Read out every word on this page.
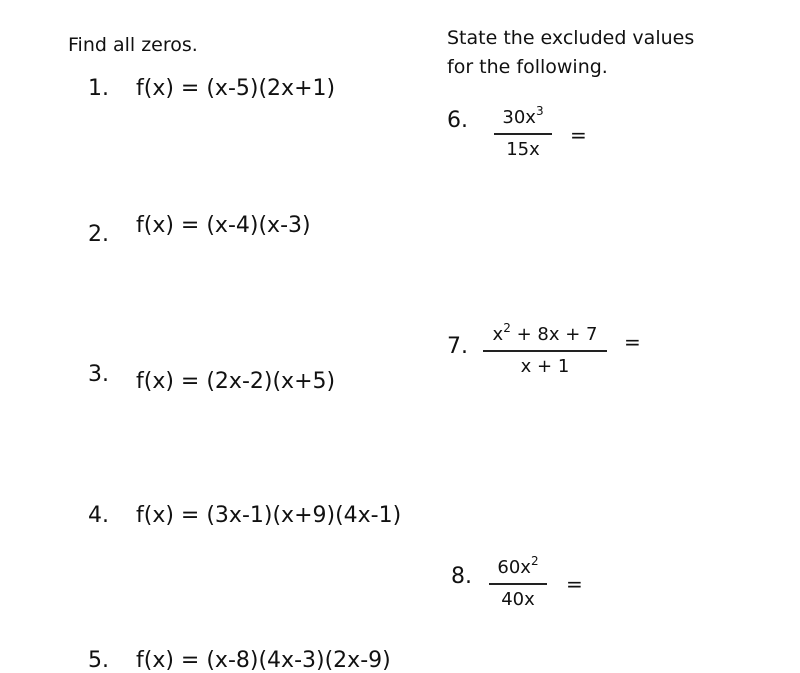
Find all zeros.
1. f(x) = (x-5)(2x+1)
2. f(x) = (x-4)(x-3)
3. f(x) = (2x-2)(x+5)
4. f(x) = (3x-1)(x+9)(4x-1)
5. f(x) = (x-8)(4x-3)(2x-9)
State the excluded values
for the following.
6.	$30x^3$
15x
=
7.	$x^2 + 8x + 7$
x + 1
=
8.	$60x^2$
40x
=
